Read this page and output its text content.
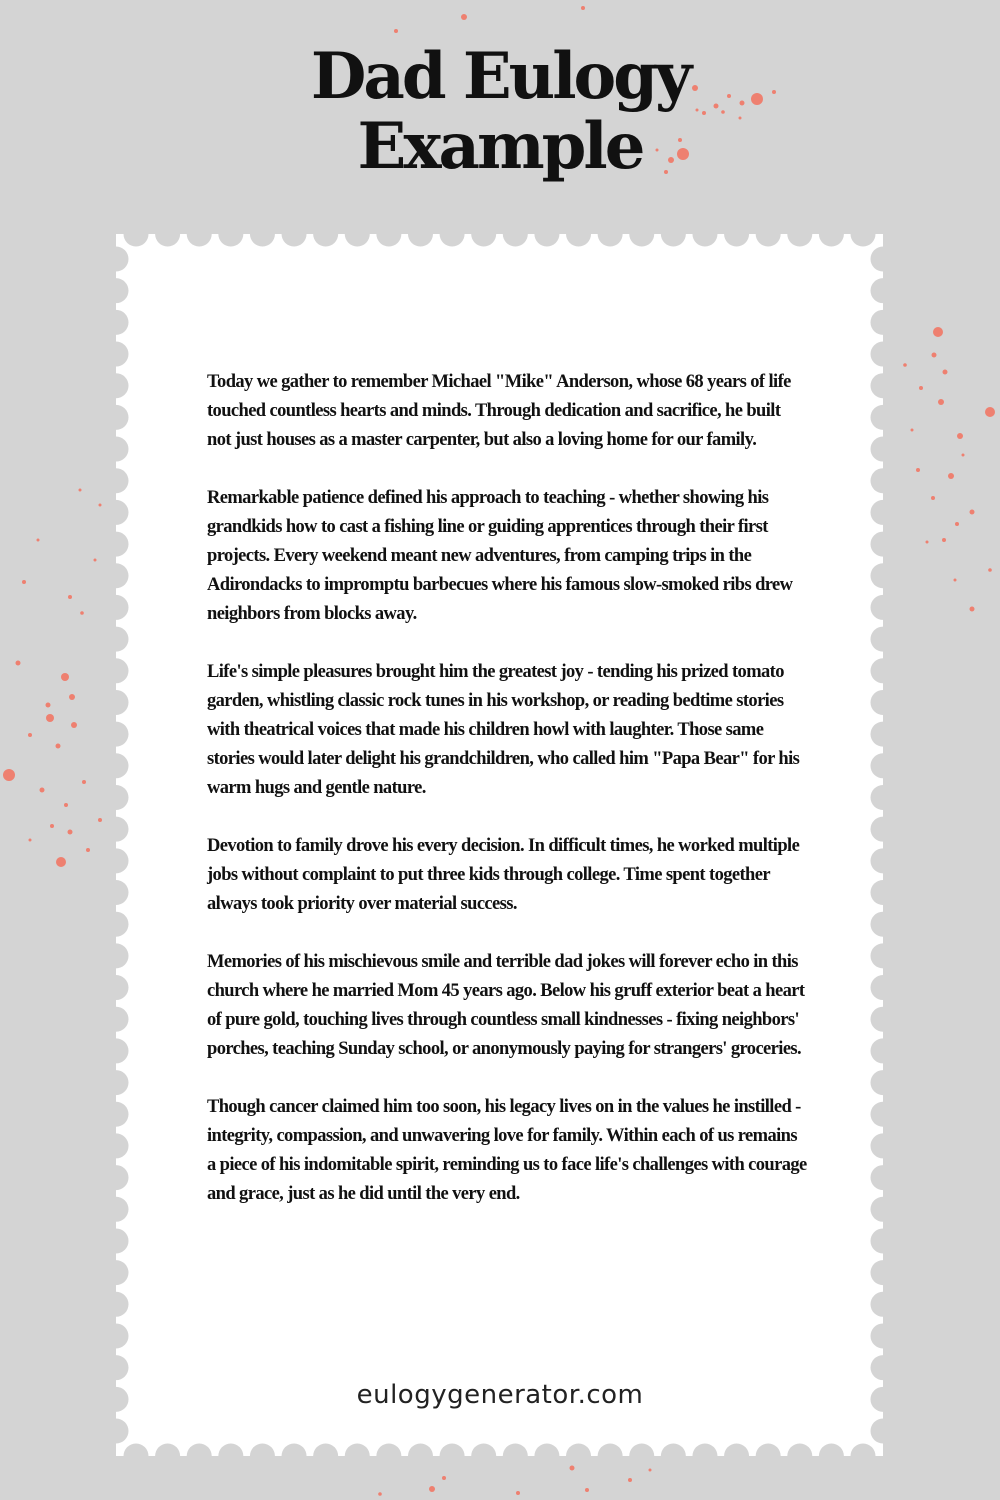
Dad Eulogy
Example

Today we gather to remember Michael "Mike" Anderson, whose 68 years of life touched countless hearts and minds. Through dedication and sacrifice, he built not just houses as a master carpenter, but also a loving home for our family.

Remarkable patience defined his approach to teaching - whether showing his grandkids how to cast a fishing line or guiding apprentices through their first projects. Every weekend meant new adventures, from camping trips in the Adirondacks to impromptu barbecues where his famous slow-smoked ribs drew neighbors from blocks away.

Life's simple pleasures brought him the greatest joy - tending his prized tomato garden, whistling classic rock tunes in his workshop, or reading bedtime stories with theatrical voices that made his children howl with laughter. Those same stories would later delight his grandchildren, who called him "Papa Bear" for his warm hugs and gentle nature.

Devotion to family drove his every decision. In difficult times, he worked multiple jobs without complaint to put three kids through college. Time spent together always took priority over material success.

Memories of his mischievous smile and terrible dad jokes will forever echo in this church where he married Mom 45 years ago. Below his gruff exterior beat a heart of pure gold, touching lives through countless small kindnesses - fixing neighbors' porches, teaching Sunday school, or anonymously paying for strangers' groceries.

Though cancer claimed him too soon, his legacy lives on in the values he instilled - integrity, compassion, and unwavering love for family. Within each of us remains a piece of his indomitable spirit, reminding us to face life's challenges with courage and grace, just as he did until the very end.

eulogygenerator.com
